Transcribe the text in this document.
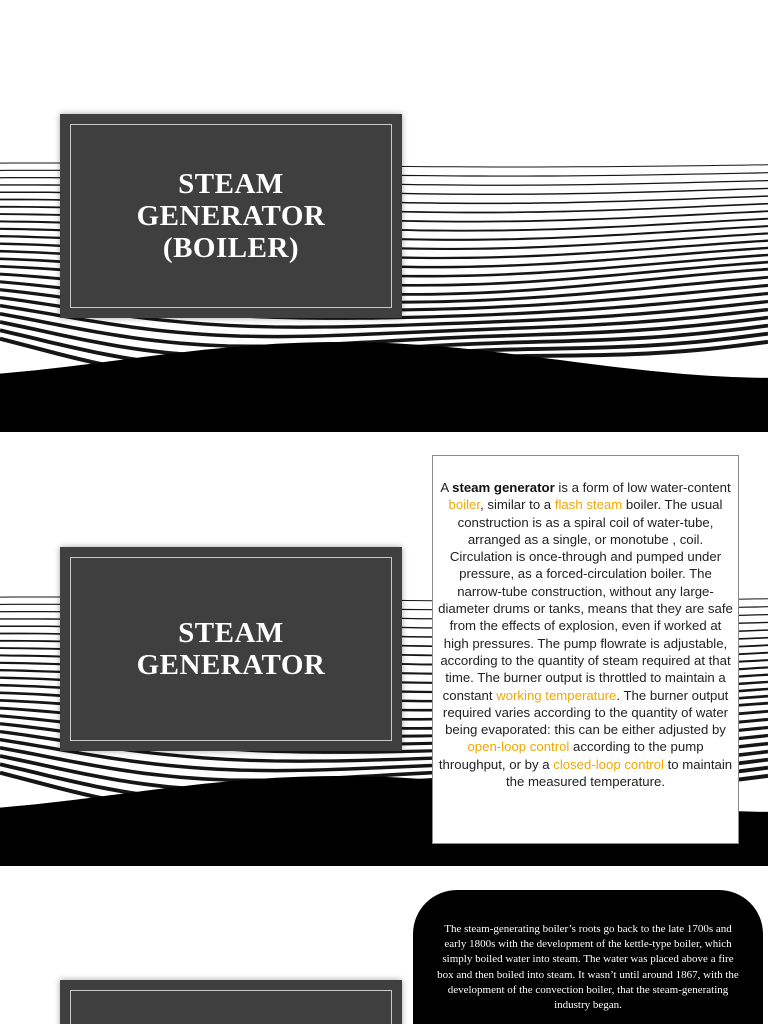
STEAM
GENERATOR
(BOILER)
STEAM
GENERATOR
A steam generator is a form of low water-content boiler, similar to a flash steam boiler. The usual construction is as a spiral coil of water-tube, arranged as a single, or monotube , coil. Circulation is once-through and pumped under pressure, as a forced-circulation boiler. The narrow-tube construction, without any large-diameter drums or tanks, means that they are safe from the effects of explosion, even if worked at high pressures. The pump flowrate is adjustable, according to the quantity of steam required at that time. The burner output is throttled to maintain a constant working temperature. The burner output required varies according to the quantity of water being evaporated: this can be either adjusted by open-loop control according to the pump throughput, or by a closed-loop control to maintain the measured temperature.
The steam-generating boiler’s roots go back to the late 1700s and early 1800s with the development of the kettle-type boiler, which simply boiled water into steam. The water was placed above a fire box and then boiled into steam. It wasn’t until around 1867, with the development of the convection boiler, that the steam-generating industry began.
